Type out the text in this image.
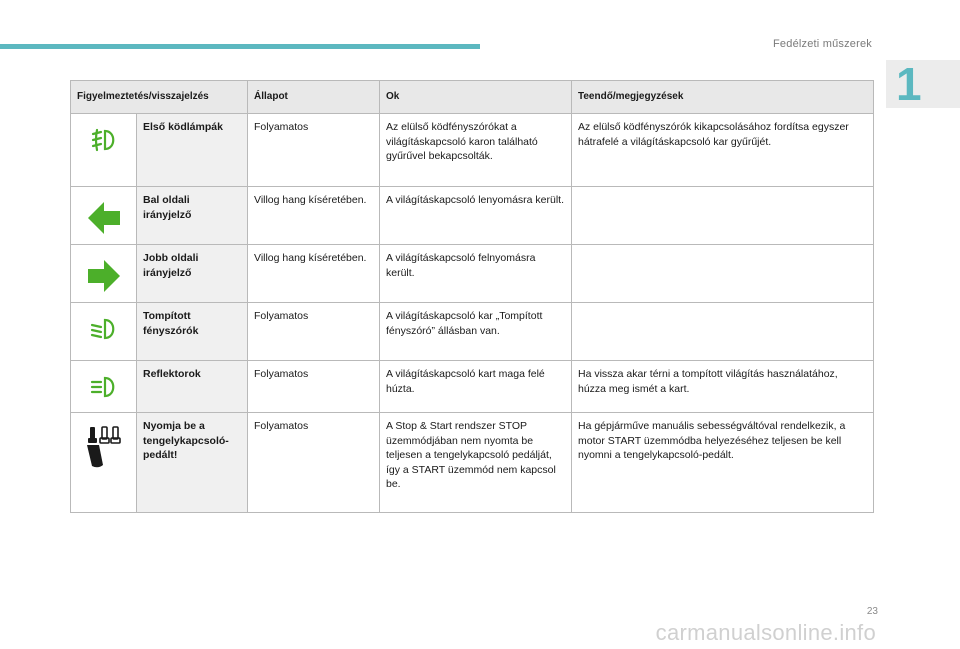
Fedélzeti műszerek
1
Figyelmeztetés/visszajelzés		Állapot	Ok	Teendő/megjegyzések

	Első ködlámpák	Folyamatos	Az elülső ködfényszórókat a világításkapcsoló karon található gyűrűvel bekapcsolták.	Az elülső ködfényszórók kikapcsolásához fordítsa egyszer hátrafelé a világításkapcsoló kar gyűrűjét.

	Bal oldali irányjelző	Villog hang kíséretében.	A világításkapcsoló lenyomásra került.	

	Jobb oldali irányjelző	Villog hang kíséretében.	A világításkapcsoló felnyomásra került.	

	Tompított fényszórók	Folyamatos	A világításkapcsoló kar „Tompított fényszóró” állásban van.	

	Reflektorok	Folyamatos	A világításkapcsoló kart maga felé húzta.	Ha vissza akar térni a tompított világítás használatához, húzza meg ismét a kart.

	Nyomja be a tengelykapcsoló-pedált!	Folyamatos	A Stop & Start rendszer STOP üzemmódjában nem nyomta be teljesen a tengelykapcsoló pedálját, így a START üzemmód nem kapcsol be.	Ha gépjárműve manuális sebességváltóval rendelkezik, a motor START üzemmódba helyezéséhez teljesen be kell nyomni a tengelykapcsoló-pedált.
23
carmanualsonline.info
